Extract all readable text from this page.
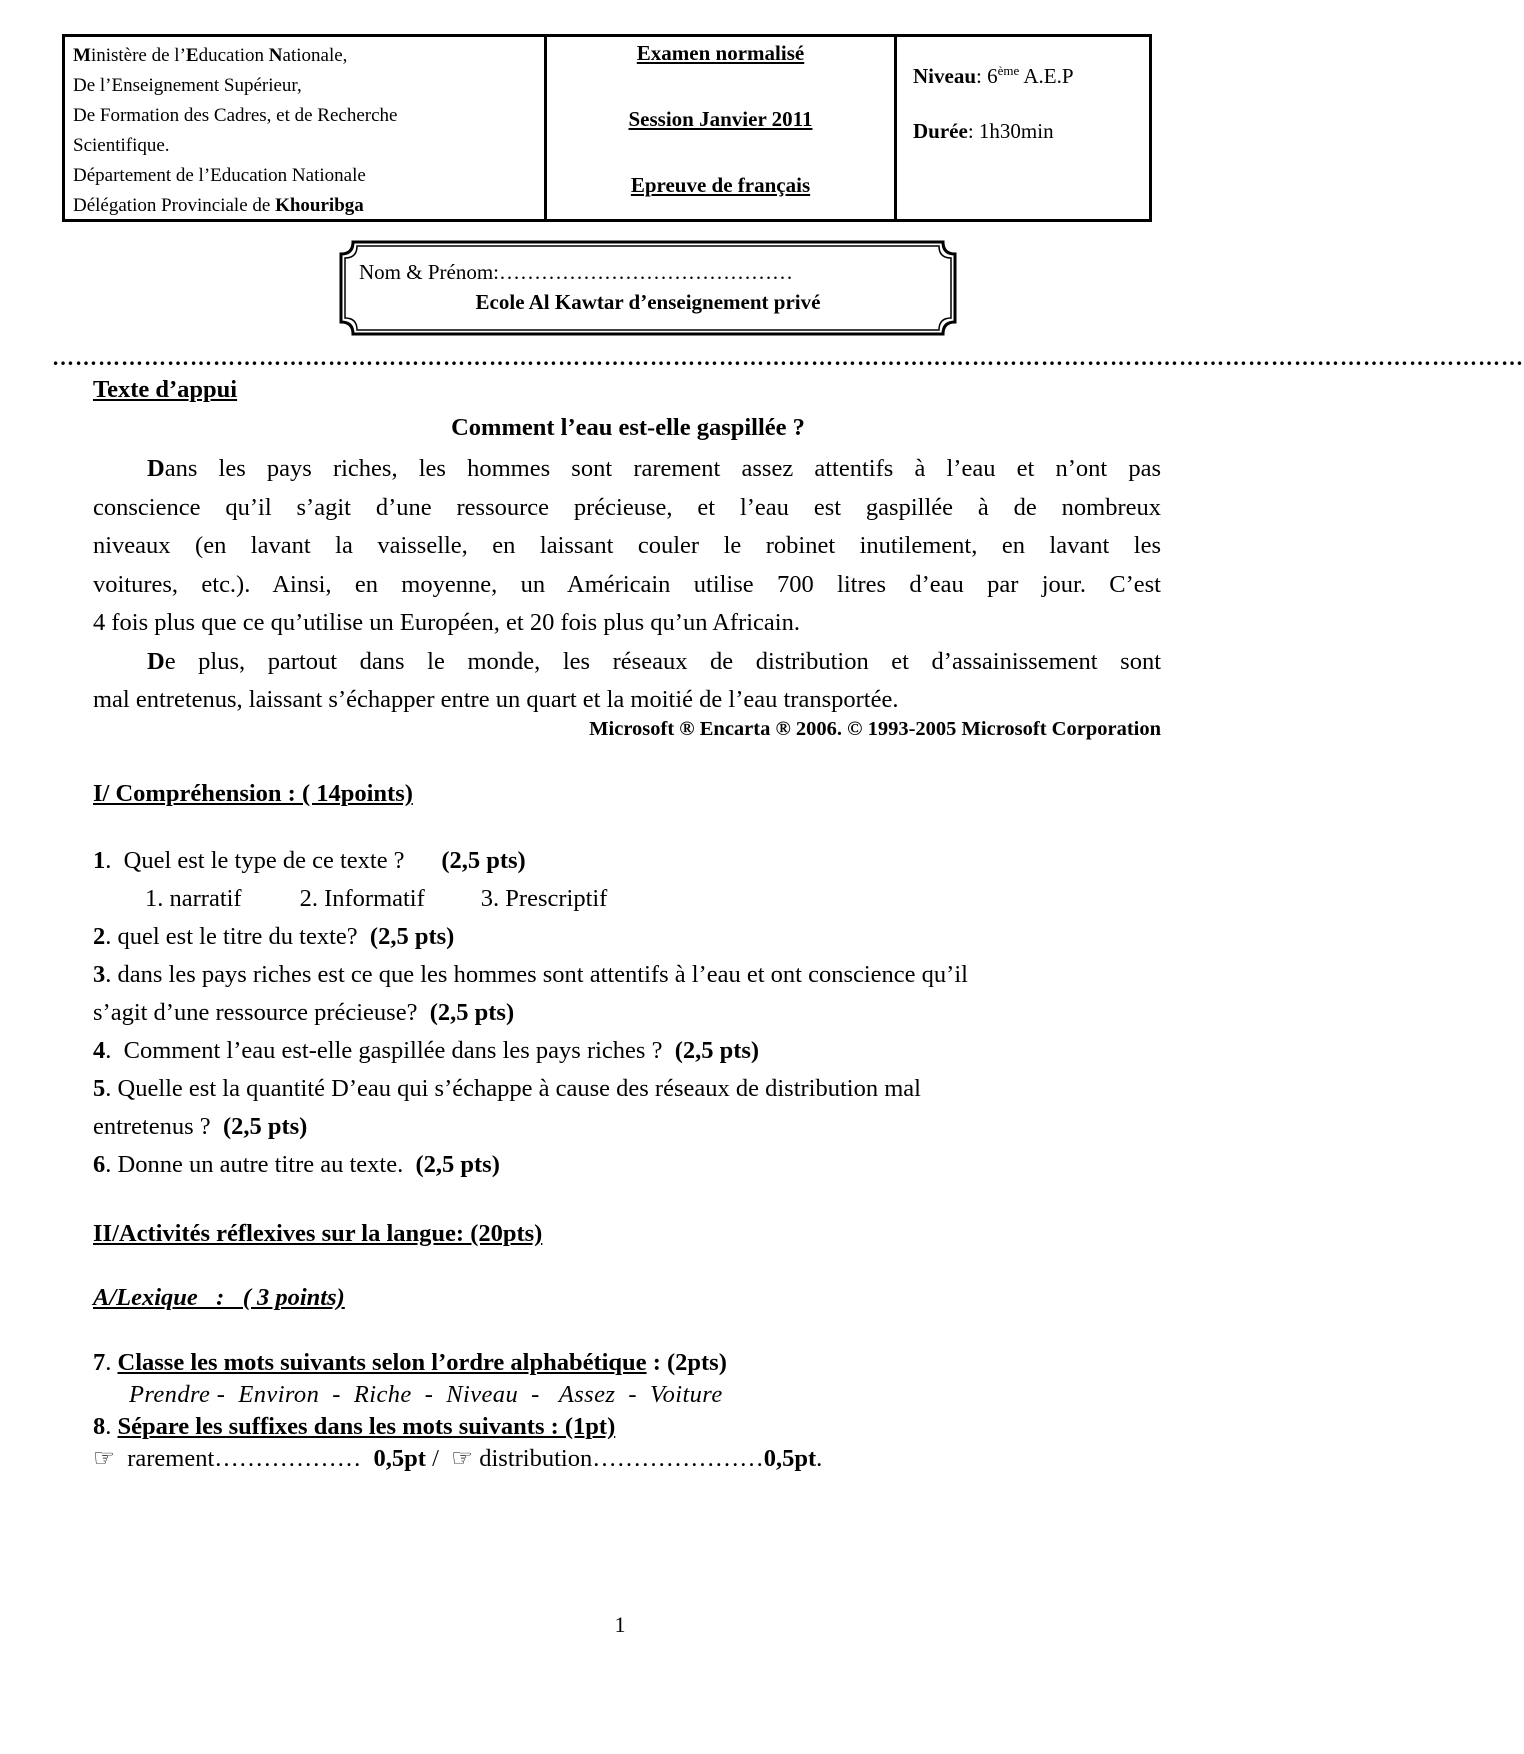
Ministère de l’Education Nationale,
De l’Enseignement Supérieur,
De Formation des Cadres, et de Recherche
Scientifique.
Département de l’Education Nationale
Délégation Provinciale de Khouribga
Examen normalisé
Session Janvier 2011
Epreuve de français
Niveau: 6ème A.E.P
Durée: 1h30min
Nom & Prénom:……………………………………
Ecole Al Kawtar d’enseignement privé
…………………………………………………………………………………………………………………………………………………………………………
Texte d’appui
Comment l’eau est-elle gaspillée ?
Dans les pays riches, les hommes sont rarement assez attentifs à l’eau et n’ont pas
conscience qu’il s’agit d’une ressource précieuse, et l’eau est gaspillée à de nombreux
niveaux (en lavant la vaisselle, en laissant couler le robinet inutilement, en lavant les
voitures, etc.). Ainsi, en moyenne, un Américain utilise 700 litres d’eau par jour. C’est
4 fois plus que ce qu’utilise un Européen, et 20 fois plus qu’un Africain.
De plus, partout dans le monde, les réseaux de distribution et d’assainissement sont
mal entretenus, laissant s’échapper entre un quart et la moitié de l’eau transportée.
Microsoft ® Encarta ® 2006. © 1993-2005 Microsoft Corporation
I/ Compréhension : ( 14points)
1.  Quel est le type de ce texte ?      (2,5 pts)
1. narratif 2. Informatif 3. Prescriptif
2. quel est le titre du texte?  (2,5 pts)
3. dans les pays riches est ce que les hommes sont attentifs à l’eau et ont conscience qu’il
s’agit d’une ressource précieuse?  (2,5 pts)
4.  Comment l’eau est-elle gaspillée dans les pays riches ?  (2,5 pts)
5. Quelle est la quantité D’eau qui s’échappe à cause des réseaux de distribution mal
entretenus ?  (2,5 pts)
6. Donne un autre titre au texte.  (2,5 pts)
II/Activités réflexives sur la langue: (20pts)
A/Lexique   :   ( 3 points)
7. Classe les mots suivants selon l’ordre alphabétique : (2pts)
Prendre -  Environ  -  Riche  -  Niveau  -   Assez  -  Voiture
8. Sépare les suffixes dans les mots suivants : (1pt)
☞ rarement………………  0,5pt /  ☞ distribution…………………0,5pt.
1
